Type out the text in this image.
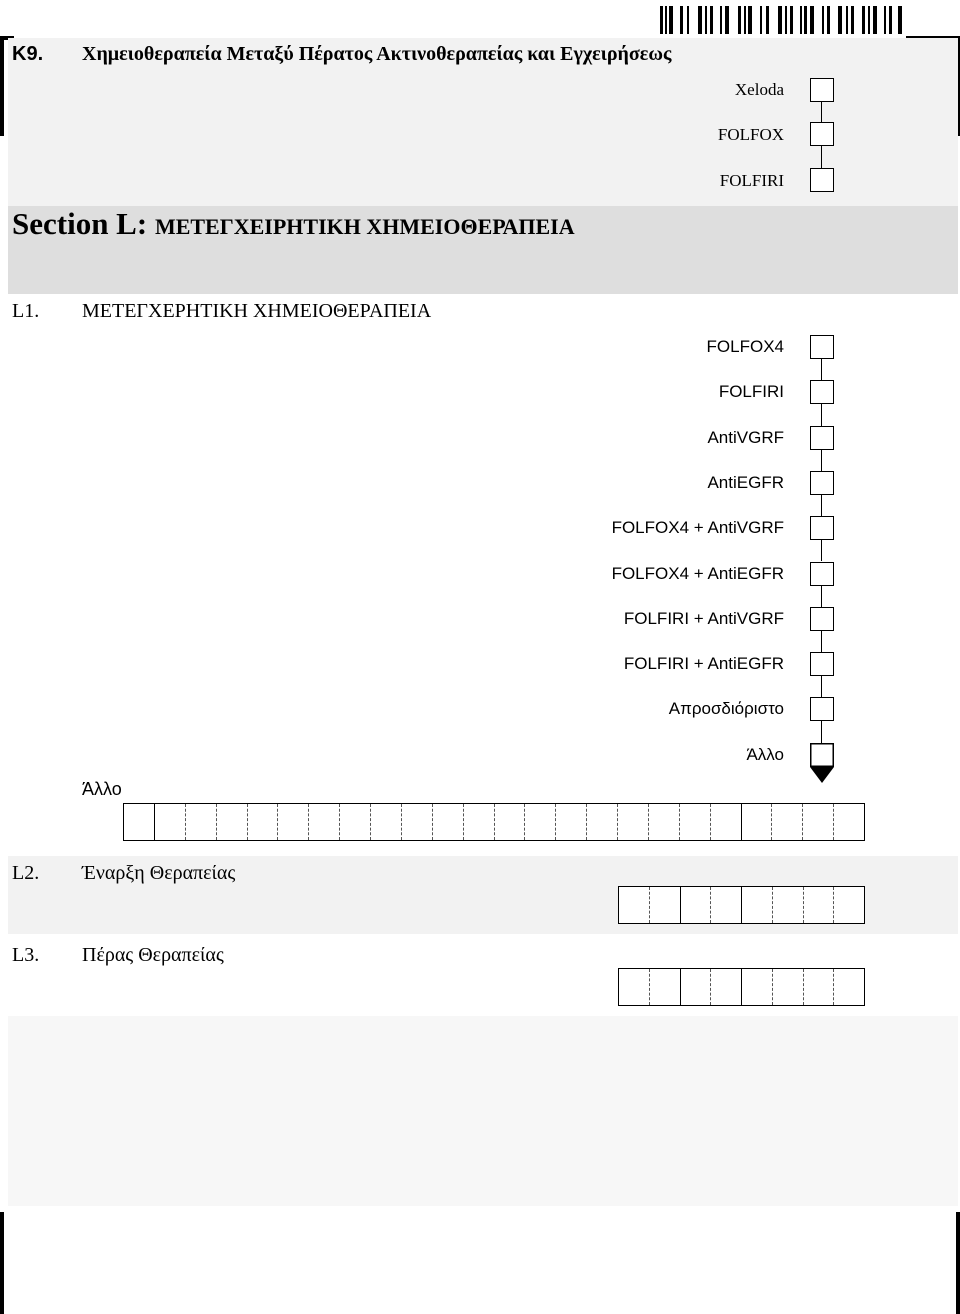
K9. Χημειοθεραπεία Μεταξύ Πέρατος Ακτινοθεραπείας και Εγχειρήσεως
Xeloda
FOLFOX
FOLFIRI
Section L: ΜΕΤΕΓΧΕΙΡΗΤΙΚΗ ΧΗΜΕΙΟΘΕΡΑΠΕΙΑ
L1. ΜΕΤΕΓΧΕΡΗΤΙΚΗ ΧΗΜΕΙΟΘΕΡΑΠΕΙΑ
FOLFOX4
FOLFIRI
AntiVGRF
AntiEGFR
FOLFOX4 + AntiVGRF
FOLFOX4 + AntiEGFR
FOLFIRI + AntiVGRF
FOLFIRI + AntiEGFR
Απροσδιόριστο
Άλλο
Άλλο
L2. Έναρξη Θεραπείας
L3. Πέρας Θεραπείας
